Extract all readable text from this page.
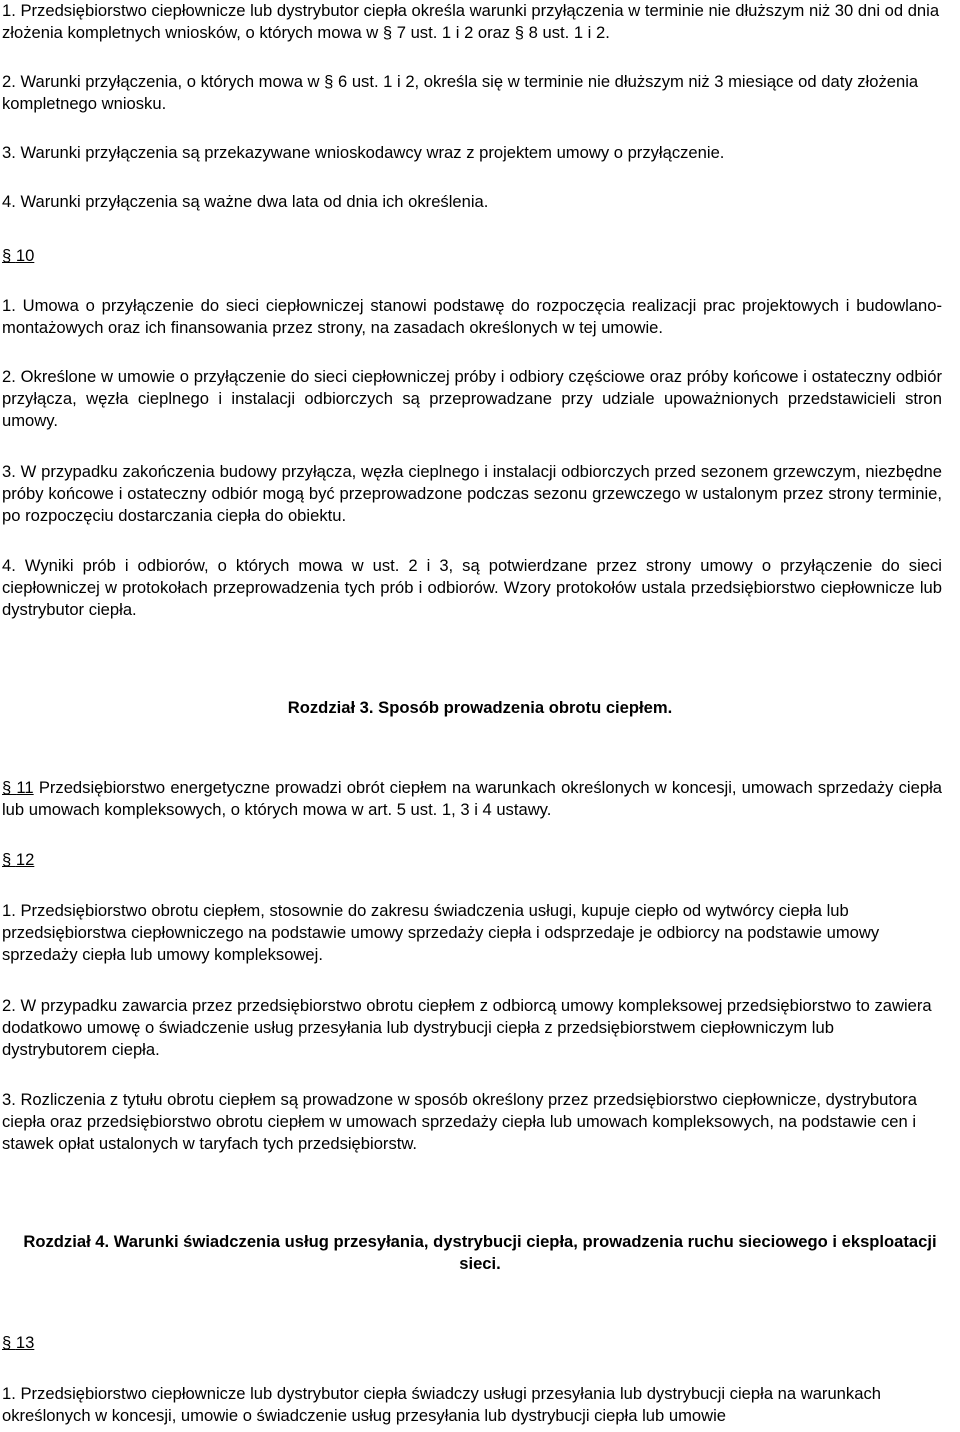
1. Przedsiębiorstwo ciepłownicze lub dystrybutor ciepła określa warunki przyłączenia w terminie nie dłuższym niż 30 dni od dnia złożenia kompletnych wniosków, o których mowa w § 7 ust. 1 i 2 oraz § 8 ust. 1 i 2.

2. Warunki przyłączenia, o których mowa w § 6 ust. 1 i 2, określa się w terminie nie dłuższym niż 3 miesiące od daty złożenia kompletnego wniosku.

3. Warunki przyłączenia są przekazywane wnioskodawcy wraz z projektem umowy o przyłączenie.

4. Warunki przyłączenia są ważne dwa lata od dnia ich określenia.

§ 10

1. Umowa o przyłączenie do sieci ciepłowniczej stanowi podstawę do rozpoczęcia realizacji prac projektowych i budowlano-montażowych oraz ich finansowania przez strony, na zasadach określonych w tej umowie.

2. Określone w umowie o przyłączenie do sieci ciepłowniczej próby i odbiory częściowe oraz próby końcowe i ostateczny odbiór przyłącza, węzła cieplnego i instalacji odbiorczych są przeprowadzane przy udziale upoważnionych przedstawicieli stron umowy.

3. W przypadku zakończenia budowy przyłącza, węzła cieplnego i instalacji odbiorczych przed sezonem grzewczym, niezbędne próby końcowe i ostateczny odbiór mogą być przeprowadzone podczas sezonu grzewczego w ustalonym przez strony terminie, po rozpoczęciu dostarczania ciepła do obiektu.

4. Wyniki prób i odbiorów, o których mowa w ust. 2 i 3, są potwierdzane przez strony umowy o przyłączenie do sieci ciepłowniczej w protokołach przeprowadzenia tych prób i odbiorów. Wzory protokołów ustala przedsiębiorstwo ciepłownicze lub dystrybutor ciepła.

Rozdział 3. Sposób prowadzenia obrotu ciepłem.

§ 11 Przedsiębiorstwo energetyczne prowadzi obrót ciepłem na warunkach określonych w koncesji, umowach sprzedaży ciepła lub umowach kompleksowych, o których mowa w art. 5 ust. 1, 3 i 4 ustawy.

§ 12

1. Przedsiębiorstwo obrotu ciepłem, stosownie do zakresu świadczenia usługi, kupuje ciepło od wytwórcy ciepła lub przedsiębiorstwa ciepłowniczego na podstawie umowy sprzedaży ciepła i odsprzedaje je odbiorcy na podstawie umowy sprzedaży ciepła lub umowy kompleksowej.

2. W przypadku zawarcia przez przedsiębiorstwo obrotu ciepłem z odbiorcą umowy kompleksowej przedsiębiorstwo to zawiera dodatkowo umowę o świadczenie usług przesyłania lub dystrybucji ciepła z przedsiębiorstwem ciepłowniczym lub dystrybutorem ciepła.

3. Rozliczenia z tytułu obrotu ciepłem są prowadzone w sposób określony przez przedsiębiorstwo ciepłownicze, dystrybutora ciepła oraz przedsiębiorstwo obrotu ciepłem w umowach sprzedaży ciepła lub umowach kompleksowych, na podstawie cen i stawek opłat ustalonych w taryfach tych przedsiębiorstw.

Rozdział 4. Warunki świadczenia usług przesyłania, dystrybucji ciepła, prowadzenia ruchu sieciowego i eksploatacji sieci.

§ 13

1. Przedsiębiorstwo ciepłownicze lub dystrybutor ciepła świadczy usługi przesyłania lub dystrybucji ciepła na warunkach określonych w koncesji, umowie o świadczenie usług przesyłania lub dystrybucji ciepła lub umowie
